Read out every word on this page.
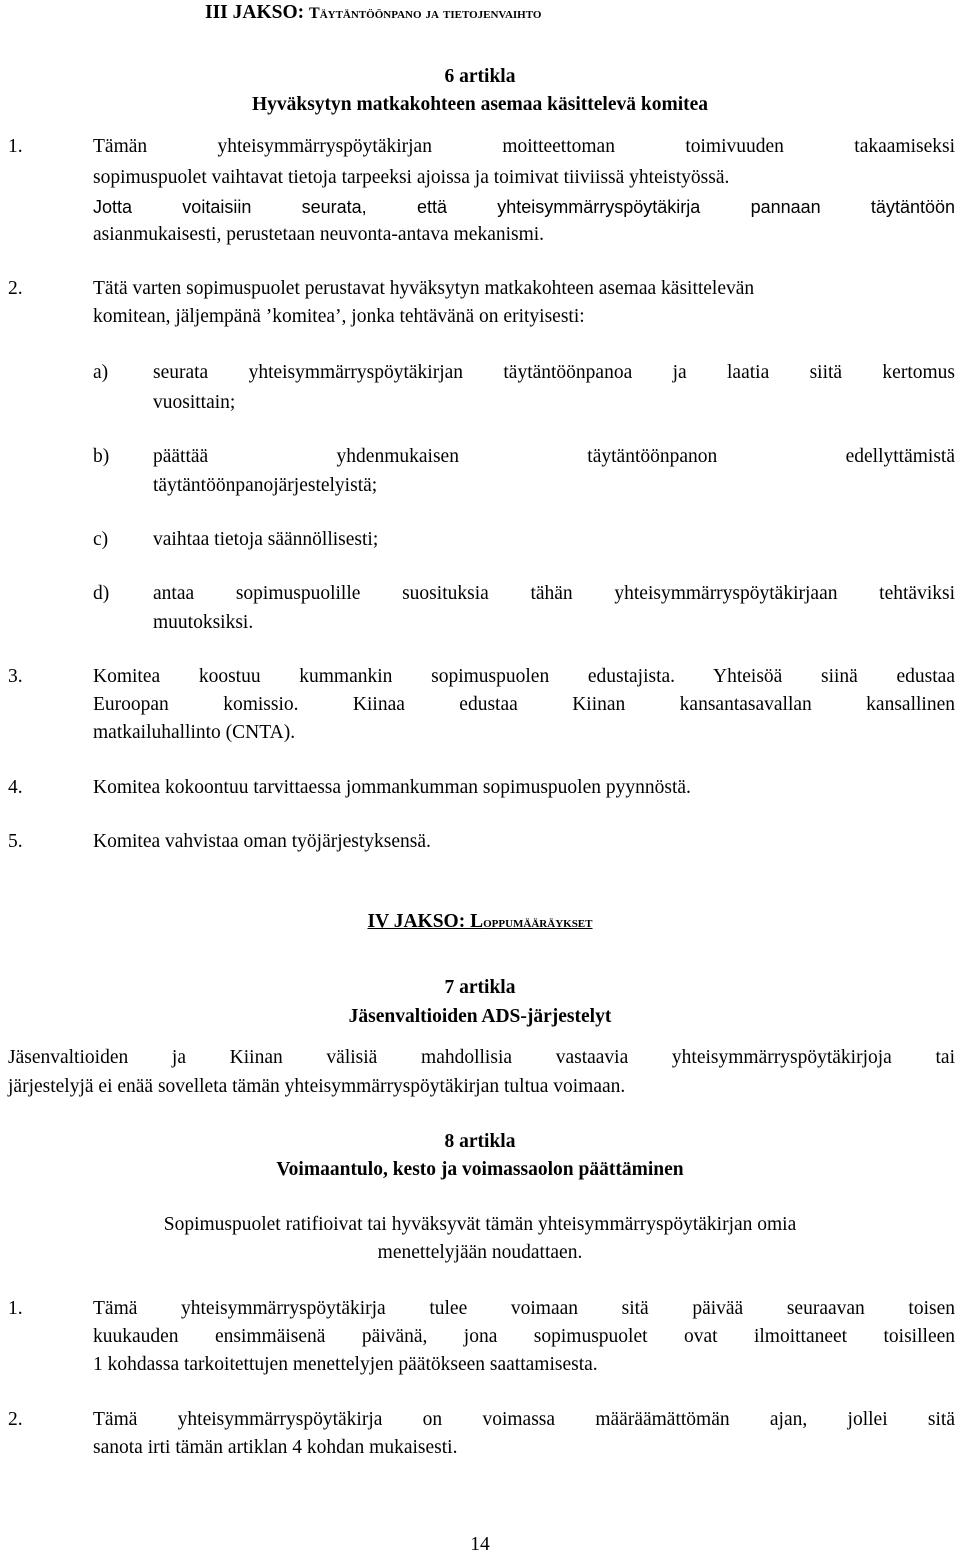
III JAKSO: Täytäntöönpano ja tietojenvaihto
6 artikla
Hyväksytyn matkakohteen asemaa käsittelevä komitea
1.	Tämän yhteisymmärryspöytäkirjan moitteettoman toimivuuden takaamiseksi
sopimuspuolet vaihtavat tietoja tarpeeksi ajoissa ja toimivat tiiviissä yhteistyössä.
Jotta voitaisiin seurata, että yhteisymmärryspöytäkirja pannaan täytäntöön
asianmukaisesti, perustetaan neuvonta-antava mekanismi.
2.	Tätä varten sopimuspuolet perustavat hyväksytyn matkakohteen asemaa käsittelevän
komitean, jäljempänä ’komitea’, jonka tehtävänä on erityisesti:
a) seurata yhteisymmärryspöytäkirjan täytäntöönpanoa ja laatia siitä kertomus
vuosittain;
b) päättää yhdenmukaisen täytäntöönpanon edellyttämistä
täytäntöönpanojärjestelyistä;
c) vaihtaa tietoja säännöllisesti;
d) antaa sopimuspuolille suosituksia tähän yhteisymmärryspöytäkirjaan tehtäviksi
muutoksiksi.
3.	Komitea koostuu kummankin sopimuspuolen edustajista. Yhteisöä siinä edustaa
Euroopan komissio. Kiinaa edustaa Kiinan kansantasavallan kansallinen
matkailuhallinto (CNTA).
4.	Komitea kokoontuu tarvittaessa jommankumman sopimuspuolen pyynnöstä.
5.	Komitea vahvistaa oman työjärjestyksensä.
IV JAKSO: Loppumääräykset
7 artikla
Jäsenvaltioiden ADS-järjestelyt
Jäsenvaltioiden ja Kiinan välisiä mahdollisia vastaavia yhteisymmärryspöytäkirjoja tai
järjestelyjä ei enää sovelleta tämän yhteisymmärryspöytäkirjan tultua voimaan.
8 artikla
Voimaantulo, kesto ja voimassaolon päättäminen
Sopimuspuolet ratifioivat tai hyväksyvät tämän yhteisymmärryspöytäkirjan omia
menettelyjään noudattaen.
1.	Tämä yhteisymmärryspöytäkirja tulee voimaan sitä päivää seuraavan toisen
kuukauden ensimmäisenä päivänä, jona sopimuspuolet ovat ilmoittaneet toisilleen
1 kohdassa tarkoitettujen menettelyjen päätökseen saattamisesta.
2.	Tämä yhteisymmärryspöytäkirja on voimassa määräämättömän ajan, jollei sitä
sanota irti tämän artiklan 4 kohdan mukaisesti.
14
